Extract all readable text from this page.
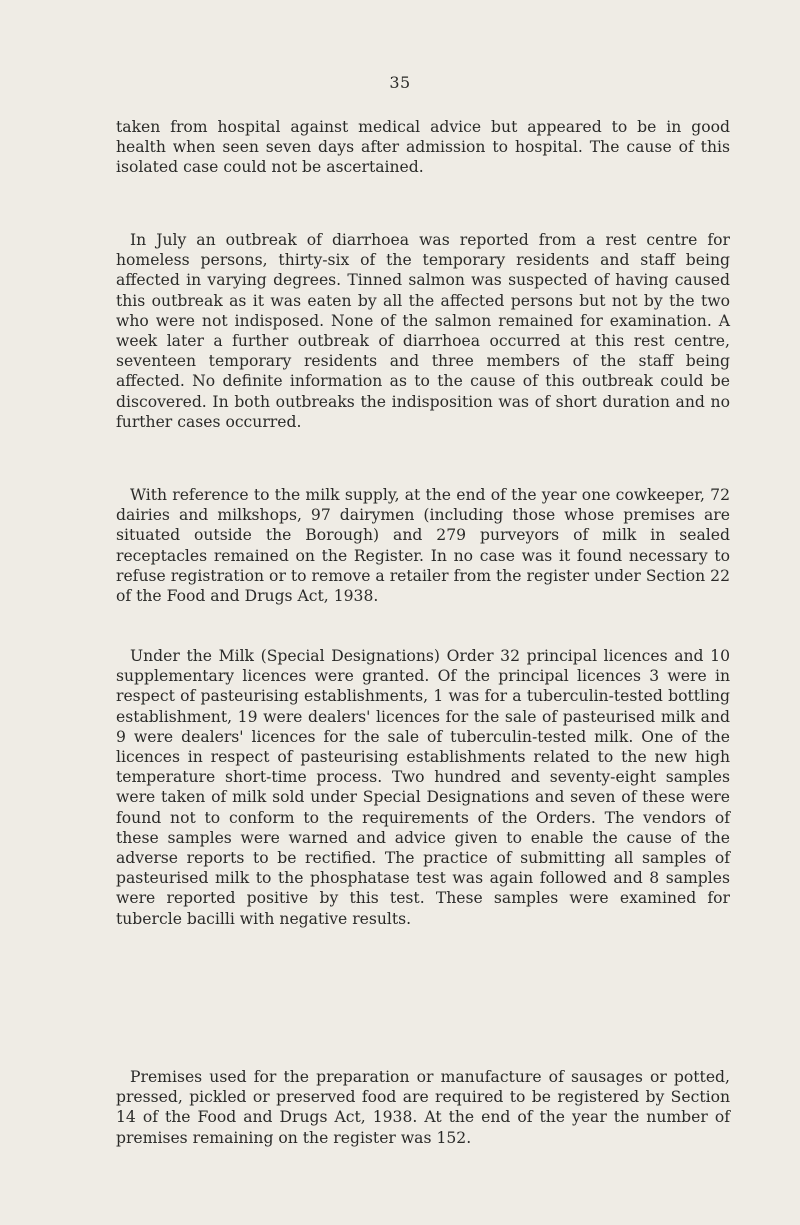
35

taken from hospital against medical advice but appeared to be in good health when seen seven days after admission to hospital. The cause of this isolated case could not be ascertained.

In July an outbreak of diarrhoea was reported from a rest centre for homeless persons, thirty-six of the temporary residents and staff being affected in varying degrees. Tinned salmon was suspected of having caused this outbreak as it was eaten by all the affected persons but not by the two who were not indisposed. None of the salmon remained for examination. A week later a further outbreak of diarrhoea occurred at this rest centre, seventeen temporary residents and three members of the staff being affected. No definite information as to the cause of this outbreak could be discovered. In both outbreaks the indisposition was of short duration and no further cases occurred.

With reference to the milk supply, at the end of the year one cowkeeper, 72 dairies and milkshops, 97 dairymen (including those whose premises are situated outside the Borough) and 279 purveyors of milk in sealed receptacles remained on the Register. In no case was it found necessary to refuse registration or to remove a retailer from the register under Section 22 of the Food and Drugs Act, 1938.

Under the Milk (Special Designations) Order 32 principal licences and 10 supplementary licences were granted. Of the principal licences 3 were in respect of pasteurising establishments, 1 was for a tuberculin-tested bottling establishment, 19 were dealers' licences for the sale of pasteurised milk and 9 were dealers' licences for the sale of tuberculin-tested milk. One of the licences in respect of pasteurising establishments related to the new high temperature short-time process. Two hundred and seventy-eight samples were taken of milk sold under Special Designations and seven of these were found not to conform to the requirements of the Orders. The vendors of these samples were warned and advice given to enable the cause of the adverse reports to be rectified. The practice of submitting all samples of pasteurised milk to the phosphatase test was again followed and 8 samples were reported positive by this test. These samples were examined for tubercle bacilli with negative results.

Premises used for the preparation or manufacture of sausages or potted, pressed, pickled or preserved food are required to be registered by Section 14 of the Food and Drugs Act, 1938. At the end of the year the number of premises remaining on the register was 152.
